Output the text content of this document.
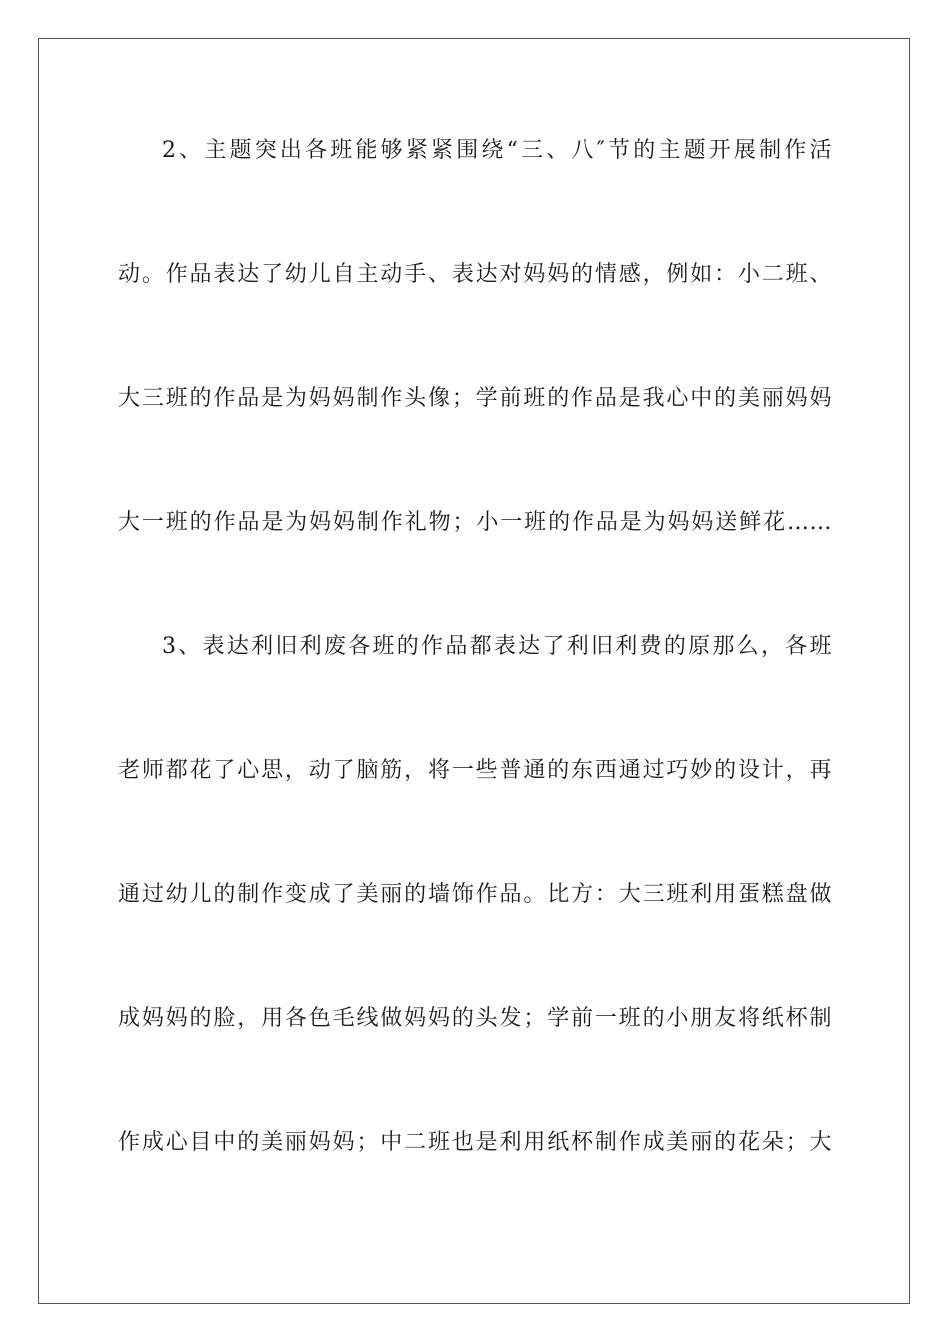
2、主题突出各班能够紧紧围绕“三、八″节的主题开展制作活
动。作品表达了幼儿自主动手、表达对妈妈的情感，例如：小二班、
大三班的作品是为妈妈制作头像；学前班的作品是我心中的美丽妈妈
大一班的作品是为妈妈制作礼物；小一班的作品是为妈妈送鲜花……
3、表达利旧利废各班的作品都表达了利旧利费的原那么，各班
老师都花了心思，动了脑筋，将一些普通的东西通过巧妙的设计，再
通过幼儿的制作变成了美丽的墙饰作品。比方：大三班利用蛋糕盘做
成妈妈的脸，用各色毛线做妈妈的头发；学前一班的小朋友将纸杯制
作成心目中的美丽妈妈；中二班也是利用纸杯制作成美丽的花朵；大
